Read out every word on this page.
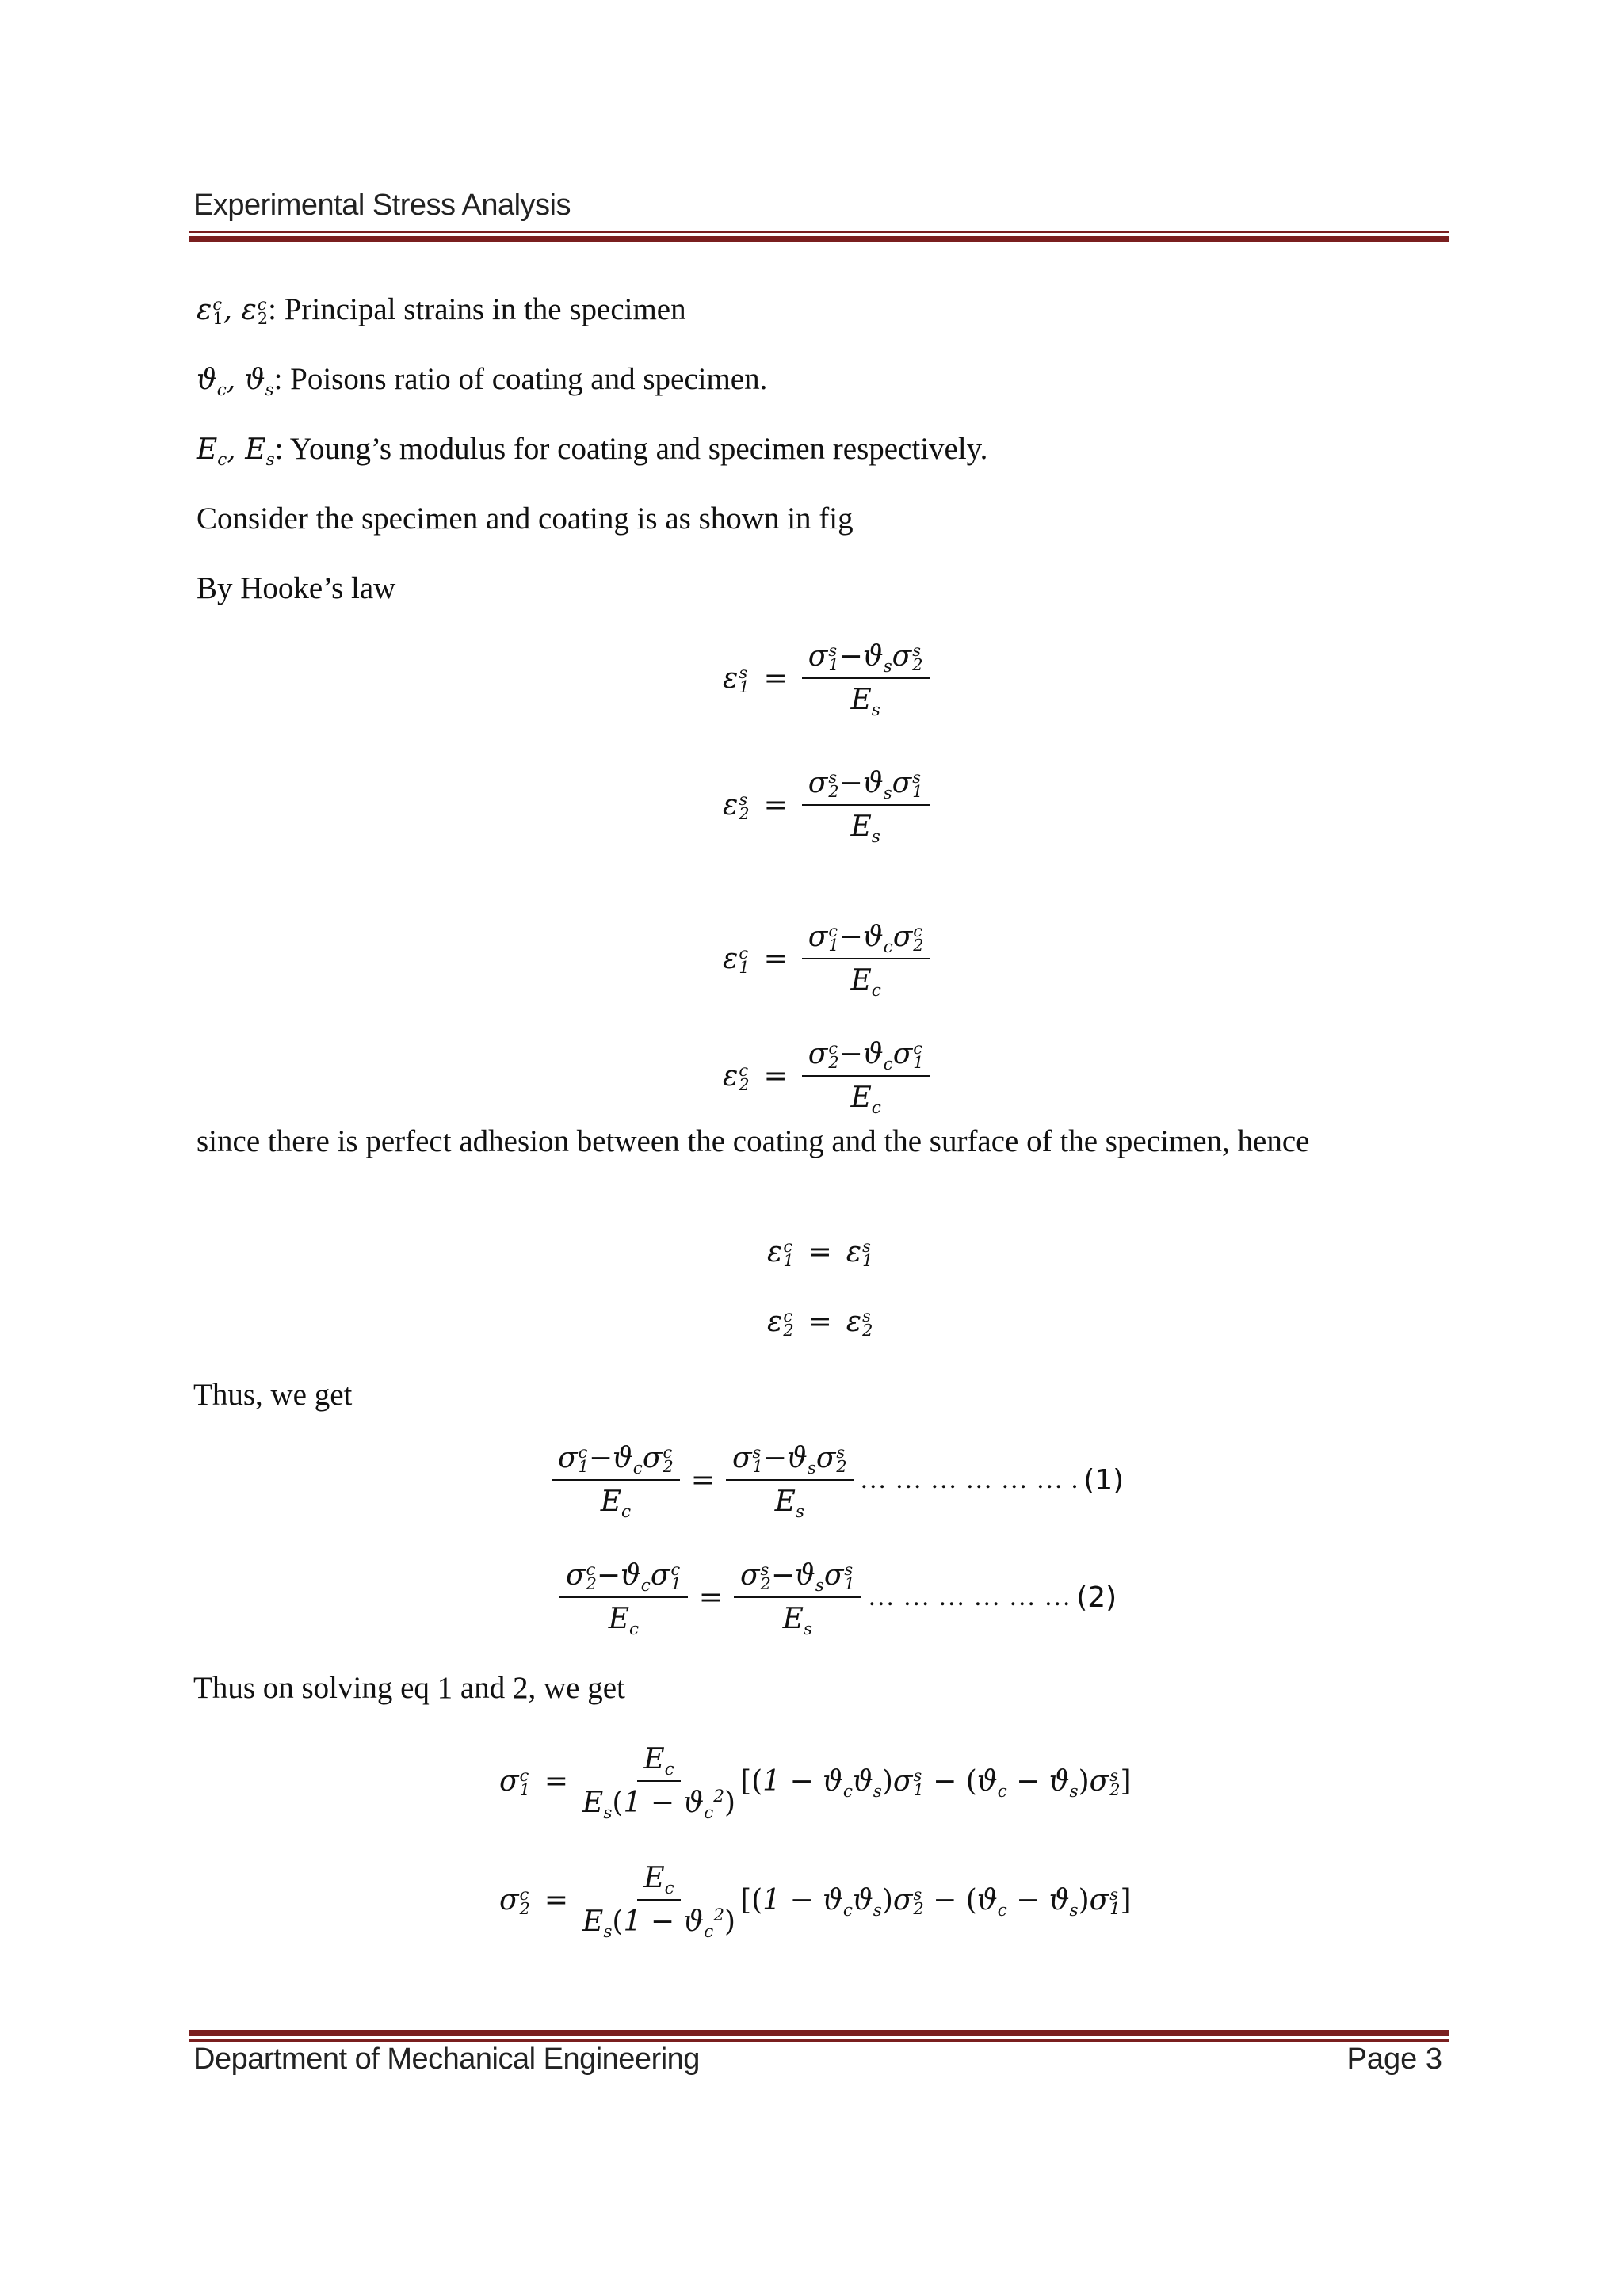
Experimental Stress Analysis
ε c
1 , ε c
2 : Principal strains in the specimen
$ϑ_c$, $ϑ_s$: Poisons ratio of coating and specimen.
$E_c$, $E_s$: Young’s modulus for coating and specimen respectively.
Consider the specimen and coating is as shown in fig
By Hooke’s law
ε s
1 = σ s
$1 -ϑ_s\sigma$ s
2
$E_s$
ε s
2 = σ s
$2 -ϑ_s\sigma$ s
1
$E_s$
ε c
1 = σ c
$1 -ϑ_c\sigma$ c
2
$E_c$
ε c
2 = σ c
$2 -ϑ_c\sigma$ c
1
$E_c$
since there is perfect adhesion between the coating and the surface of the specimen, hence
ε c
1 = ε s
1
ε c
2 = ε s
2
Thus, we get
σ c
$1 -ϑ_c\sigma$ c
2
$E_c = \sigma$ s
$1 -ϑ_s\sigma$ s
2
$E_s$ … … … … … … . (1)
σ c
$2 -ϑ_c\sigma$ c
1
$E_c = \sigma$ s
$2 -ϑ_s\sigma$ s
1
$E_s$ … … … … … … (2)
Thus on solving eq 1 and 2, we get
σ c
$1 = \frac{E_c}{E_s(1 - ϑ_c^2)} [(1 - ϑ_cϑ_s)\sigma$ s
$1 - (ϑ_c - ϑ_s)\sigma$ s
2 ]
σ c
$2 = \frac{E_c}{E_s(1 - ϑ_c^2)} [(1 - ϑ_cϑ_s)\sigma$ s
$2 - (ϑ_c - ϑ_s)\sigma$ s
1 ]
Department of Mechanical Engineering	Page 3
